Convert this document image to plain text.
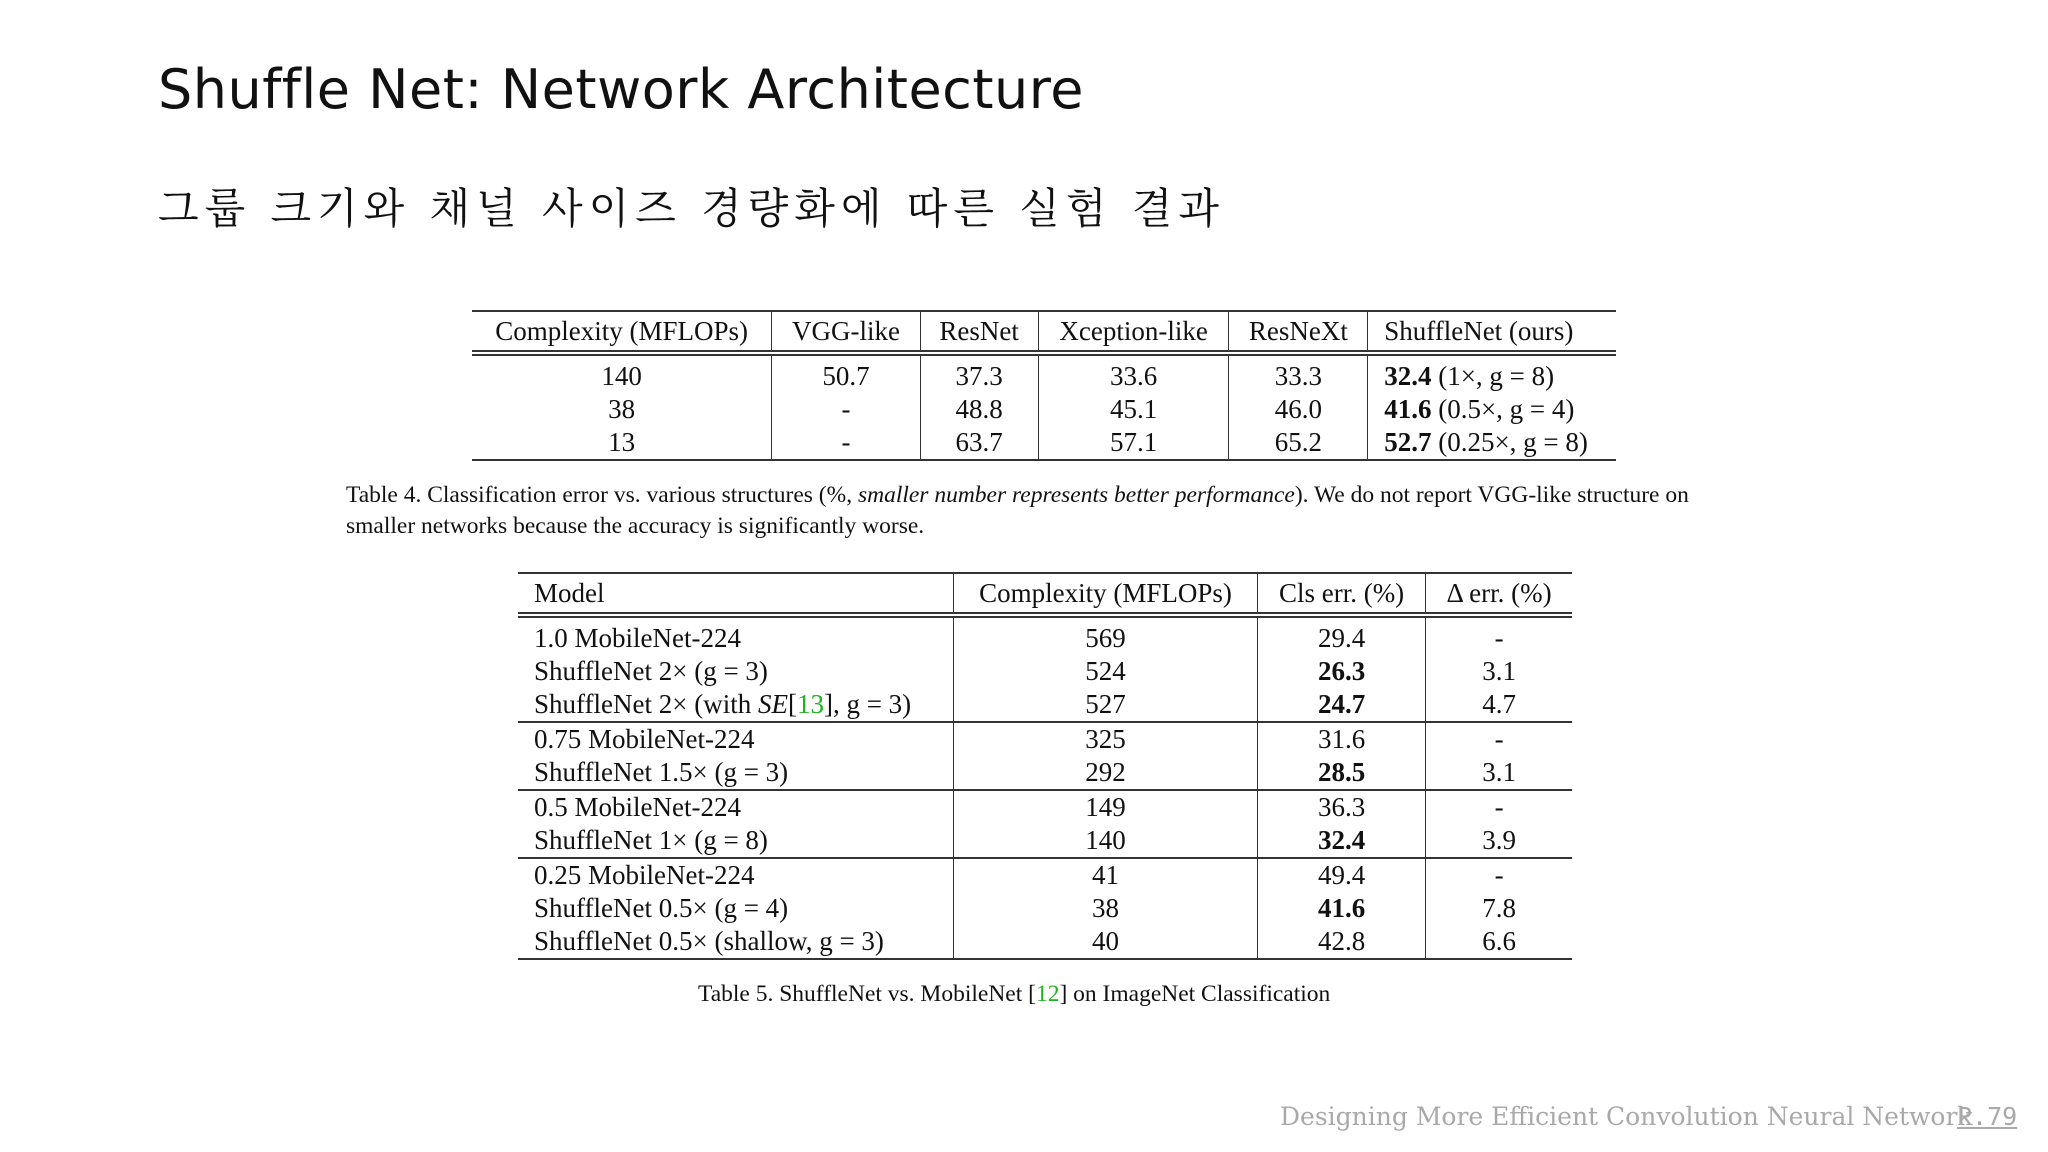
Shuffle Net: Network Architecture
그룹 크기와 채널 사이즈 경량화에 따른 실험 결과
Complexity (MFLOPs)	VGG-like	ResNet	Xception-like	ResNeXt	ShuffleNet (ours)
140	50.7	37.3	33.6	33.3	32.4 (1×, g = 8)
38	-	48.8	45.1	46.0	41.6 (0.5×, g = 4)
13	-	63.7	57.1	65.2	52.7 (0.25×, g = 8)
Table 4. Classification error vs. various structures (%, smaller number represents better performance). We do not report VGG-like structure on smaller networks because the accuracy is significantly worse.
Model	Complexity (MFLOPs)	Cls err. (%)	Δ err. (%)
1.0 MobileNet-224	569	29.4	-
ShuffleNet 2× (g = 3)	524	26.3	3.1
ShuffleNet 2× (with SE[13], g = 3)	527	24.7	4.7
0.75 MobileNet-224	325	31.6	-
ShuffleNet 1.5× (g = 3)	292	28.5	3.1
0.5 MobileNet-224	149	36.3	-
ShuffleNet 1× (g = 8)	140	32.4	3.9
0.25 MobileNet-224	41	49.4	-
ShuffleNet 0.5× (g = 4)	38	41.6	7.8
ShuffleNet 0.5× (shallow, g = 3)	40	42.8	6.6
Table 5. ShuffleNet vs. MobileNet [12] on ImageNet Classification
Designing More Efficient Convolution Neural Network
P.79
